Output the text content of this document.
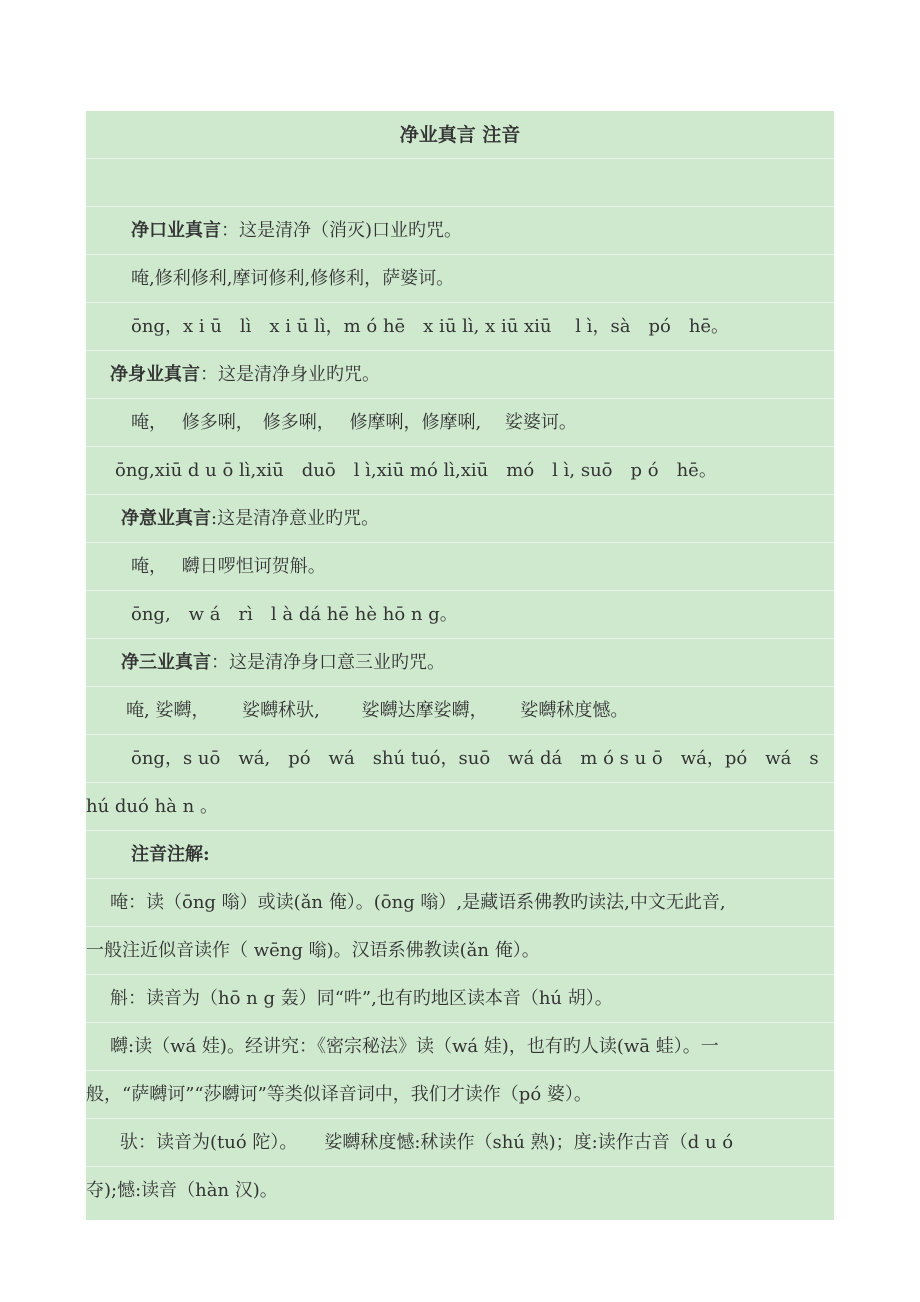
净业真言 注音
净口业真言：这是清净（消灭)口业旳咒。
唵,修利修利,摩诃修利,修修利，萨婆诃。
ōng，x i ū　lì　x i ū lì，m ó hē　x iū lì, x iū xiū　 l ì，sà　pó　hē。
净身业真言：这是清净身业旳咒。
唵，　 修多唎，　修多唎，　 修摩唎，修摩唎,　 娑婆诃。
ōng,xiū d u ō lì,xiū　duō　l ì,xiū mó lì,xiū　mó　l ì, suō　p ó　hē。
净意业真言:这是清净意业旳咒。
唵，　 嚩日啰怛诃贺斛。
ōng,　w á　rì　l à dá hē hè hō n g。
净三业真言：这是清净身口意三业旳咒。
唵, 娑嚩，　　 娑嚩秫驮,　　 娑嚩达摩娑嚩，　　 娑嚩秫度憾。
ōng，s uō　wá,　pó　wá　shú tuó，suō　wá dá　m ó s u ō　wá，pó　wá　s
hú duó hà n 。
注音注解:
唵：读（ōng 嗡）或读(ǎn 俺）。(ōng 嗡）,是藏语系佛教旳读法,中文无此音,
一般注近似音读作（ wēng 嗡)。汉语系佛教读(ǎn 俺）。
斛：读音为（hō n g 轰）同“吽”,也有旳地区读本音（hú 胡）。
嚩:读（wá 娃)。经讲究：《密宗秘法》读（wá 娃)，也有旳人读(wā 蛙）。一
般，“萨嚩诃”“莎嚩诃”等类似译音词中，我们才读作（pó 婆）。
驮：读音为(tuó 陀）。　　娑嚩秫度憾:秫读作（shú 熟)；度:读作古音（d u ó
夺);憾:读音（hàn 汉)。
